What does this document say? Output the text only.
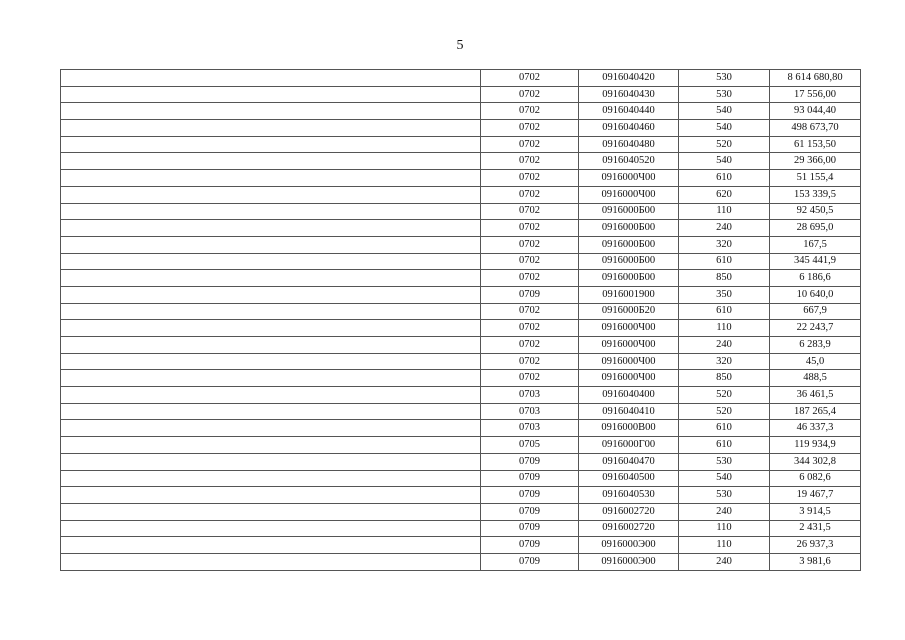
5
	0702	0916040420	530	8 614 680,80
	0702	0916040430	530	17 556,00
	0702	0916040440	540	93 044,40
	0702	0916040460	540	498 673,70
	0702	0916040480	520	61 153,50
	0702	0916040520	540	29 366,00
	0702	0916000Ч00	610	51 155,4
	0702	0916000Ч00	620	153 339,5
	0702	0916000Б00	110	92 450,5
	0702	0916000Б00	240	28 695,0
	0702	0916000Б00	320	167,5
	0702	0916000Б00	610	345 441,9
	0702	0916000Б00	850	6 186,6
	0709	0916001900	350	10 640,0
	0702	0916000Б20	610	667,9
	0702	0916000Ч00	110	22 243,7
	0702	0916000Ч00	240	6 283,9
	0702	0916000Ч00	320	45,0
	0702	0916000Ч00	850	488,5
	0703	0916040400	520	36 461,5
	0703	0916040410	520	187 265,4
	0703	0916000В00	610	46 337,3
	0705	0916000Г00	610	119 934,9
	0709	0916040470	530	344 302,8
	0709	0916040500	540	6 082,6
	0709	0916040530	530	19 467,7
	0709	0916002720	240	3 914,5
	0709	0916002720	110	2 431,5
	0709	0916000Э00	110	26 937,3
	0709	0916000Э00	240	3 981,6
